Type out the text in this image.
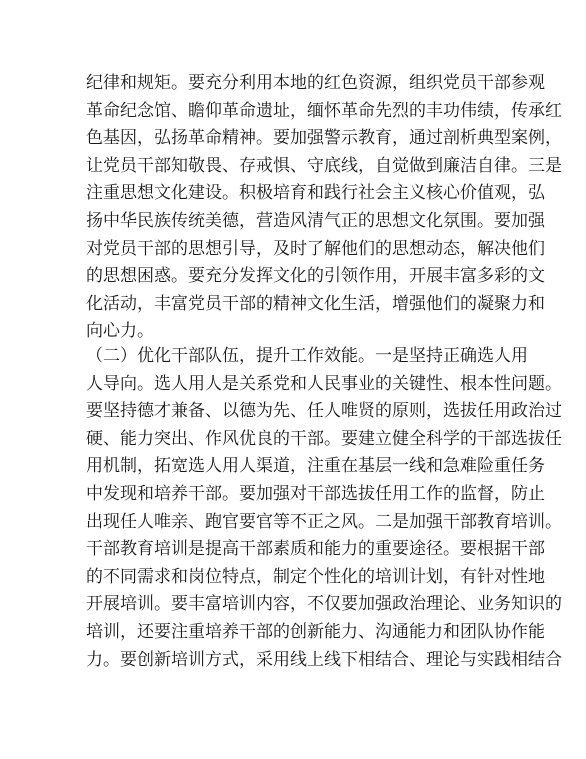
纪律和规矩。要充分利用本地的红色资源，组织党员干部参观
革命纪念馆、瞻仰革命遗址，缅怀革命先烈的丰功伟绩，传承红
色基因，弘扬革命精神。要加强警示教育，通过剖析典型案例，
让党员干部知敬畏、存戒惧、守底线，自觉做到廉洁自律。三是
注重思想文化建设。积极培育和践行社会主义核心价值观，弘
扬中华民族传统美德，营造风清气正的思想文化氛围。要加强
对党员干部的思想引导，及时了解他们的思想动态，解决他们
的思想困惑。要充分发挥文化的引领作用，开展丰富多彩的文
化活动，丰富党员干部的精神文化生活，增强他们的凝聚力和
向心力。
（二）优化干部队伍，提升工作效能。一是坚持正确选人用
人导向。选人用人是关系党和人民事业的关键性、根本性问题。
要坚持德才兼备、以德为先、任人唯贤的原则，选拔任用政治过
硬、能力突出、作风优良的干部。要建立健全科学的干部选拔任
用机制，拓宽选人用人渠道，注重在基层一线和急难险重任务
中发现和培养干部。要加强对干部选拔任用工作的监督，防止
出现任人唯亲、跑官要官等不正之风。二是加强干部教育培训。
干部教育培训是提高干部素质和能力的重要途径。要根据干部
的不同需求和岗位特点，制定个性化的培训计划，有针对性地
开展培训。要丰富培训内容，不仅要加强政治理论、业务知识的
培训，还要注重培养干部的创新能力、沟通能力和团队协作能
力。要创新培训方式，采用线上线下相结合、理论与实践相结合
